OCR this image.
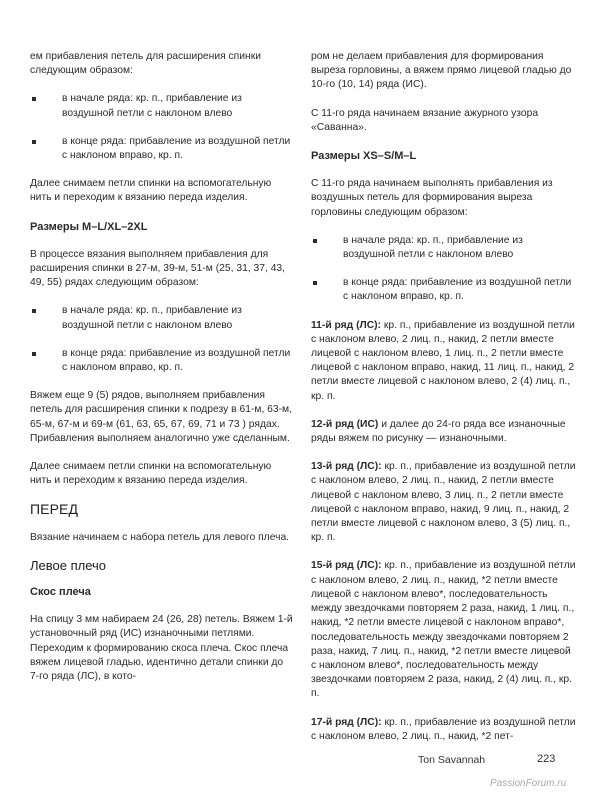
ем прибавления петель для расширения спинки следующим образом:

в начале ряда: кр. п., прибавление из воздушной петли с наклоном влево
в конце ряда: прибавление из воздушной петли с наклоном вправо, кр. п.

Далее снимаем петли спинки на вспомогательную нить и переходим к вязанию переда изделия.

Размеры M–L/XL–2XL

В процессе вязания выполняем прибавления для расширения спинки в 27-м, 39-м, 51-м (25, 31, 37, 43, 49, 55) рядах следующим образом:

в начале ряда: кр. п., прибавление из воздушной петли с наклоном влево
в конце ряда: прибавление из воздушной петли с наклоном вправо, кр. п.

Вяжем еще 9 (5) рядов, выполняем прибавления петель для расширения спинки к подрезу в 61-м, 63-м, 65-м, 67-м и 69-м (61, 63, 65, 67, 69, 71 и 73 ) рядах. Прибавления выполняем аналогично уже сделанным.

Далее снимаем петли спинки на вспомогательную нить и переходим к вязанию переда изделия.

ПЕРЕД

Вязание начинаем с набора петель для левого плеча.

Левое плечо
Скос плеча

На спицу 3 мм набираем 24 (26, 28) петель. Вяжем 1-й установочный ряд (ИС) изнаночными петлями. Переходим к формированию скоса плеча. Скос плеча вяжем лицевой гладью, идентично детали спинки до 7-го ряда (ЛС), в кото-

ром не делаем прибавления для формирования выреза горловины, а вяжем прямо лицевой гладью до 10-го (10, 14) ряда (ИС).

С 11-го ряда начинаем вязание ажурного узора «Саванна».

Размеры XS–S/M–L

С 11-го ряда начинаем выполнять прибавления из воздушных петель для формирования выреза горловины следующим образом:

в начале ряда: кр. п., прибавление из воздушной петли с наклоном влево
в конце ряда: прибавление из воздушной петли с наклоном вправо, кр. п.

11-й ряд (ЛС): кр. п., прибавление из воздушной петли с наклоном влево, 2 лиц. п., накид, 2 петли вместе лицевой с наклоном влево, 1 лиц. п., 2 петли вместе лицевой с наклоном вправо, накид, 11 лиц. п., накид, 2 петли вместе лицевой с наклоном влево, 2 (4) лиц. п., кр. п.

12-й ряд (ИС) и далее до 24-го ряда все изнаночные ряды вяжем по рисунку — изнаночными.

13-й ряд (ЛС): кр. п., прибавление из воздушной петли с наклоном влево, 2 лиц. п., накид, 2 петли вместе лицевой с наклоном влево, 3 лиц. п., 2 петли вместе лицевой с наклоном вправо, накид, 9 лиц. п., накид, 2 петли вместе лицевой с наклоном влево, 3 (5) лиц. п., кр. п.

15-й ряд (ЛС): кр. п., прибавление из воздушной петли с наклоном влево, 2 лиц. п., накид, *2 петли вместе лицевой с наклоном влево*, последовательность между звездочками повторяем 2 раза, накид, 1 лиц. п., накид, *2 петли вместе лицевой с наклоном вправо*, последовательность между звездочками повторяем 2 раза, накид, 7 лиц. п., накид, *2 петли вместе лицевой с наклоном влево*, последовательность между звездочками повторяем 2 раза, накид, 2 (4) лиц. п., кр. п.

17-й ряд (ЛС): кр. п., прибавление из воздушной петли с наклоном влево, 2 лиц. п., накид, *2 пет-

Ton Savannah	223
PassionForum.ru
